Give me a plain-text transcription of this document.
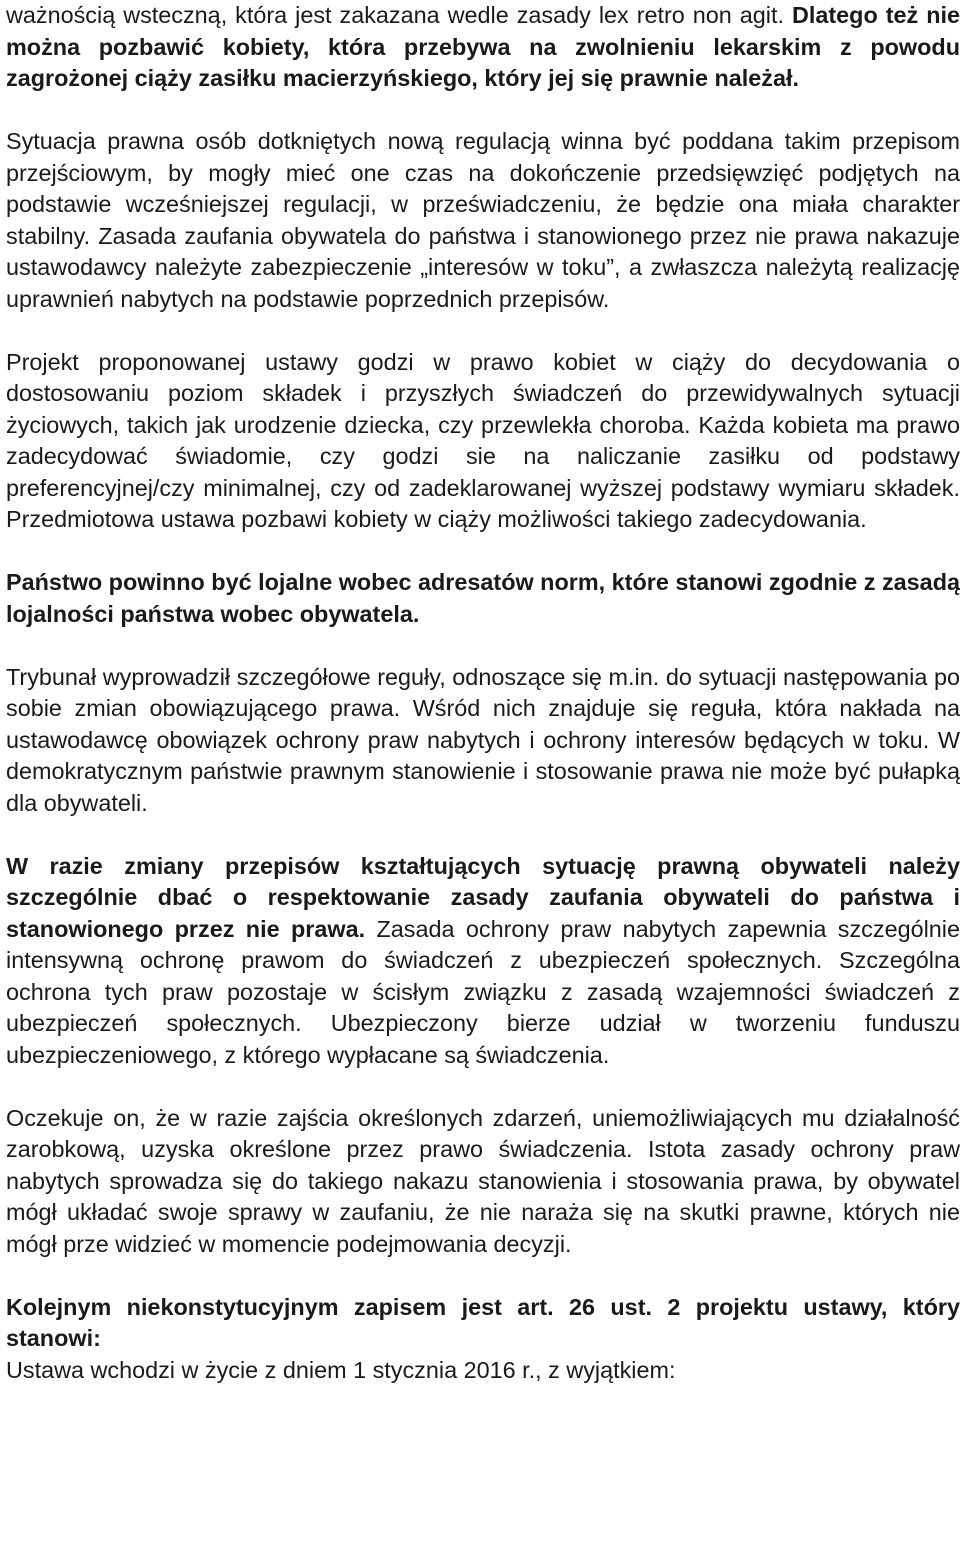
ważnością wsteczną, która jest zakazana wedle zasady lex retro non agit. Dlatego też nie można pozbawić kobiety, która przebywa na zwolnieniu lekarskim z powodu zagrożonej ciąży zasiłku macierzyńskiego, który jej się prawnie należał.

Sytuacja prawna osób dotkniętych nową regulacją winna być poddana takim przepisom przejściowym, by mogły mieć one czas na dokończenie przedsięwzięć podjętych na podstawie wcześniejszej regulacji, w przeświadczeniu, że będzie ona miała charakter stabilny. Zasada zaufania obywatela do państwa i stanowionego przez nie prawa nakazuje ustawodawcy należyte zabezpieczenie „interesów w toku”, a zwłaszcza należytą realizację uprawnień nabytych na podstawie poprzednich przepisów.

Projekt proponowanej ustawy godzi w prawo kobiet w ciąży do decydowania o dostosowaniu poziom składek i przyszłych świadczeń do przewidywalnych sytuacji życiowych, takich jak urodzenie dziecka, czy przewlekła choroba. Każda kobieta ma prawo zadecydować świadomie, czy godzi sie na naliczanie zasiłku od podstawy preferencyjnej/czy minimalnej, czy od zadeklarowanej wyższej podstawy wymiaru składek. Przedmiotowa ustawa pozbawi kobiety w ciąży możliwości takiego zadecydowania.

Państwo powinno być lojalne wobec adresatów norm, które stanowi zgodnie z zasadą lojalności państwa wobec obywatela.

Trybunał wyprowadził szczegółowe reguły, odnoszące się m.in. do sytuacji następowania po sobie zmian obowiązującego prawa. Wśród nich znajduje się reguła, która nakłada na ustawodawcę obowiązek ochrony praw nabytych i ochrony interesów będących w toku. W demokratycznym państwie prawnym stanowienie i stosowanie prawa nie może być pułapką dla obywateli.

W razie zmiany przepisów kształtujących sytuację prawną obywateli należy szczególnie dbać o respektowanie zasady zaufania obywateli do państwa i stanowionego przez nie prawa. Zasada ochrony praw nabytych zapewnia szczególnie intensywną ochronę prawom do świadczeń z ubezpieczeń społecznych. Szczególna ochrona tych praw pozostaje w ścisłym związku z zasadą wzajemności świadczeń z ubezpieczeń społecznych. Ubezpieczony bierze udział w tworzeniu funduszu ubezpieczeniowego, z którego wypłacane są świadczenia.

Oczekuje on, że w razie zajścia określonych zdarzeń, uniemożliwiających mu działalność zarobkową, uzyska określone przez prawo świadczenia. Istota zasady ochrony praw nabytych sprowadza się do takiego nakazu stanowienia i stosowania prawa, by obywatel mógł układać swoje sprawy w zaufaniu, że nie naraża się na skutki prawne, których nie mógł prze widzieć w momencie podejmowania decyzji.

Kolejnym niekonstytucyjnym zapisem jest art. 26 ust. 2 projektu ustawy, który stanowi:

Ustawa wchodzi w życie z dniem 1 stycznia 2016 r., z wyjątkiem:
